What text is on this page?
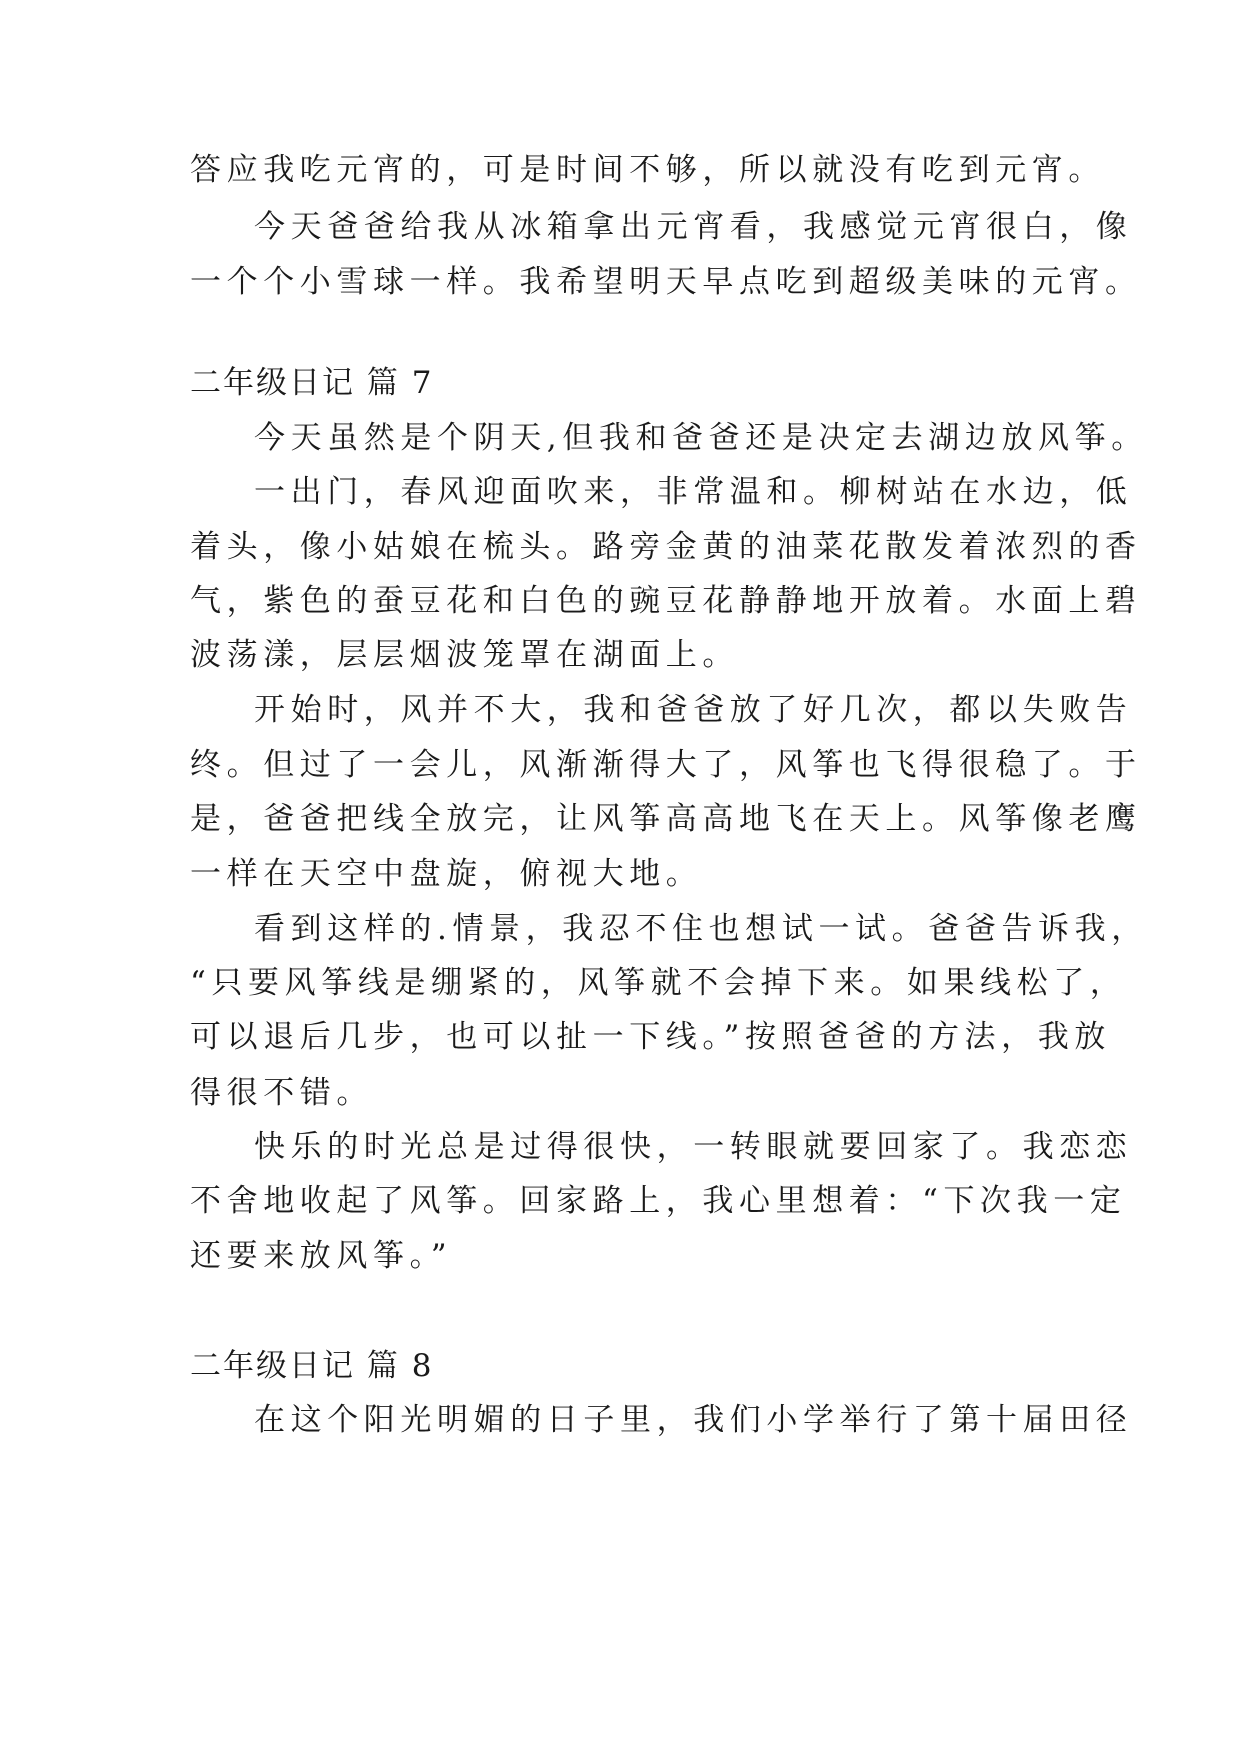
答应我吃元宵的，可是时间不够，所以就没有吃到元宵。
今天爸爸给我从冰箱拿出元宵看，我感觉元宵很白，像
一个个小雪球一样。我希望明天早点吃到超级美味的元宵。
二年级日记 篇 7
今天虽然是个阴天,但我和爸爸还是决定去湖边放风筝。
一出门，春风迎面吹来，非常温和。柳树站在水边，低
着头，像小姑娘在梳头。路旁金黄的油菜花散发着浓烈的香
气，紫色的蚕豆花和白色的豌豆花静静地开放着。水面上碧
波荡漾，层层烟波笼罩在湖面上。
开始时，风并不大，我和爸爸放了好几次，都以失败告
终。但过了一会儿，风渐渐得大了，风筝也飞得很稳了。于
是，爸爸把线全放完，让风筝高高地飞在天上。风筝像老鹰
一样在天空中盘旋，俯视大地。
看到这样的.情景，我忍不住也想试一试。爸爸告诉我，
“只要风筝线是绷紧的，风筝就不会掉下来。如果线松了，
可以退后几步，也可以扯一下线。”按照爸爸的方法，我放
得很不错。
快乐的时光总是过得很快，一转眼就要回家了。我恋恋
不舍地收起了风筝。回家路上，我心里想着：“下次我一定
还要来放风筝。”
二年级日记 篇 8
在这个阳光明媚的日子里，我们小学举行了第十届田径
